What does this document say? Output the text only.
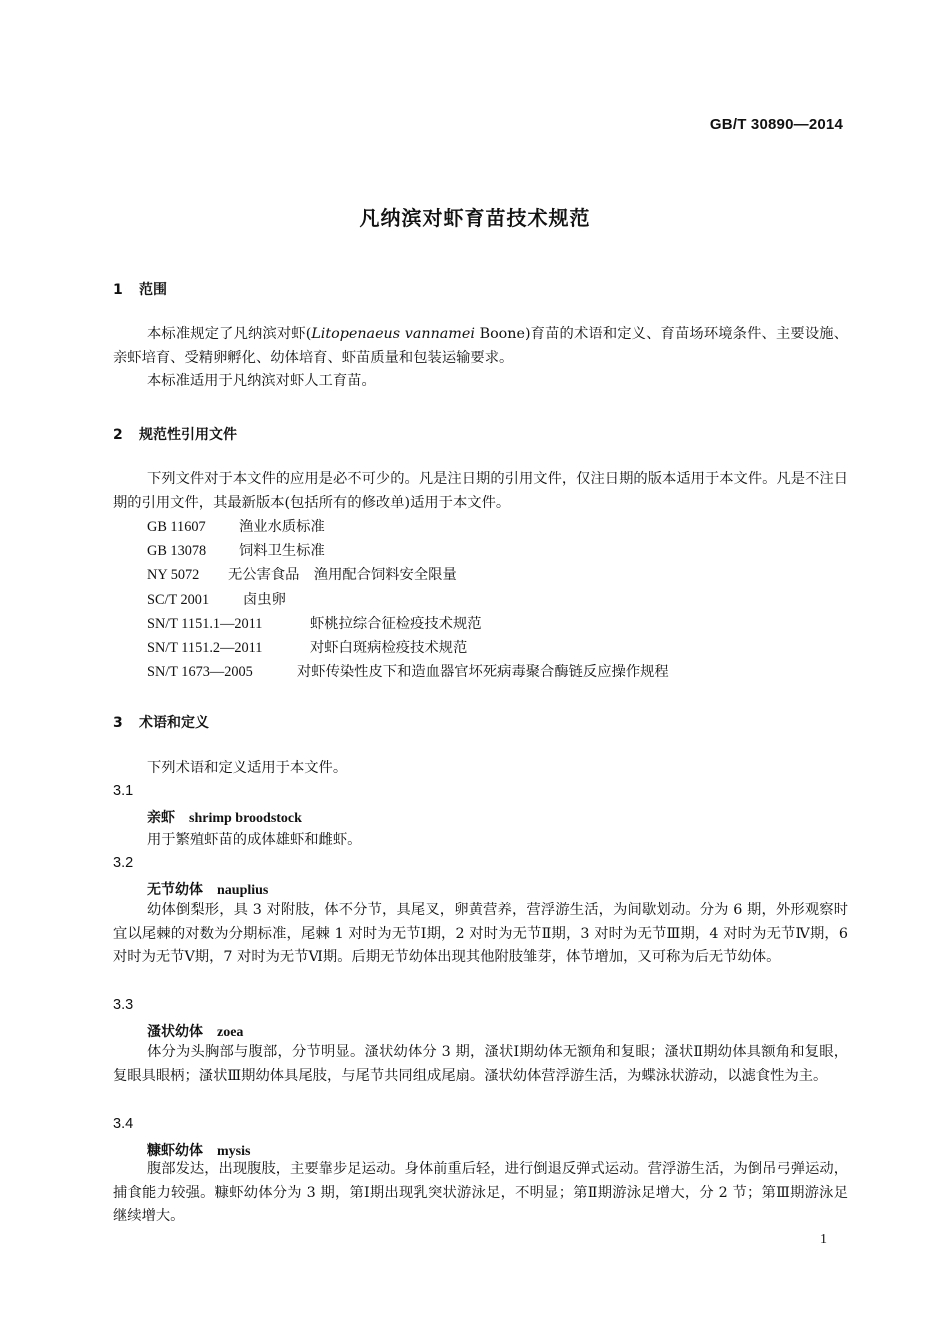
GB/T 30890—2014
凡纳滨对虾育苗技术规范
1 范围
本标准规定了凡纳滨对虾(Litopenaeus vannamei Boone)育苗的术语和定义、育苗场环境条件、主要设施、亲虾培育、受精卵孵化、幼体培育、虾苗质量和包装运输要求。
本标准适用于凡纳滨对虾人工育苗。
2 规范性引用文件
下列文件对于本文件的应用是必不可少的。凡是注日期的引用文件，仅注日期的版本适用于本文件。凡是不注日期的引用文件，其最新版本(包括所有的修改单)适用于本文件。
GB 11607 渔业水质标准
GB 13078 饲料卫生标准
NY 5072 无公害食品　渔用配合饲料安全限量
SC/T 2001 卤虫卵
SN/T 1151.1—2011	虾桃拉综合征检疫技术规范
SN/T 1151.2—2011	对虾白斑病检疫技术规范
SN/T 1673—2005	对虾传染性皮下和造血器官坏死病毒聚合酶链反应操作规程
3 术语和定义
下列术语和定义适用于本文件。
3.1
亲虾 shrimp broodstock
用于繁殖虾苗的成体雄虾和雌虾。
3.2
无节幼体 nauplius
幼体倒梨形，具 3 对附肢，体不分节，具尾叉，卵黄营养，营浮游生活，为间歇划动。分为 6 期，外形观察时宜以尾棘的对数为分期标准，尾棘 1 对时为无节Ⅰ期，2 对时为无节Ⅱ期，3 对时为无节Ⅲ期，4 对时为无节Ⅳ期，6 对时为无节Ⅴ期，7 对时为无节Ⅵ期。后期无节幼体出现其他附肢雏芽，体节增加，又可称为后无节幼体。
3.3
溞状幼体 zoea
体分为头胸部与腹部，分节明显。溞状幼体分 3 期，溞状Ⅰ期幼体无额角和复眼；溞状Ⅱ期幼体具额角和复眼，复眼具眼柄；溞状Ⅲ期幼体具尾肢，与尾节共同组成尾扇。溞状幼体营浮游生活，为蝶泳状游动，以滤食性为主。
3.4
糠虾幼体 mysis
腹部发达，出现腹肢，主要靠步足运动。身体前重后轻，进行倒退反弹式运动。营浮游生活，为倒吊弓弹运动，捕食能力较强。糠虾幼体分为 3 期，第Ⅰ期出现乳突状游泳足，不明显；第Ⅱ期游泳足增大，分 2 节；第Ⅲ期游泳足继续增大。
1
